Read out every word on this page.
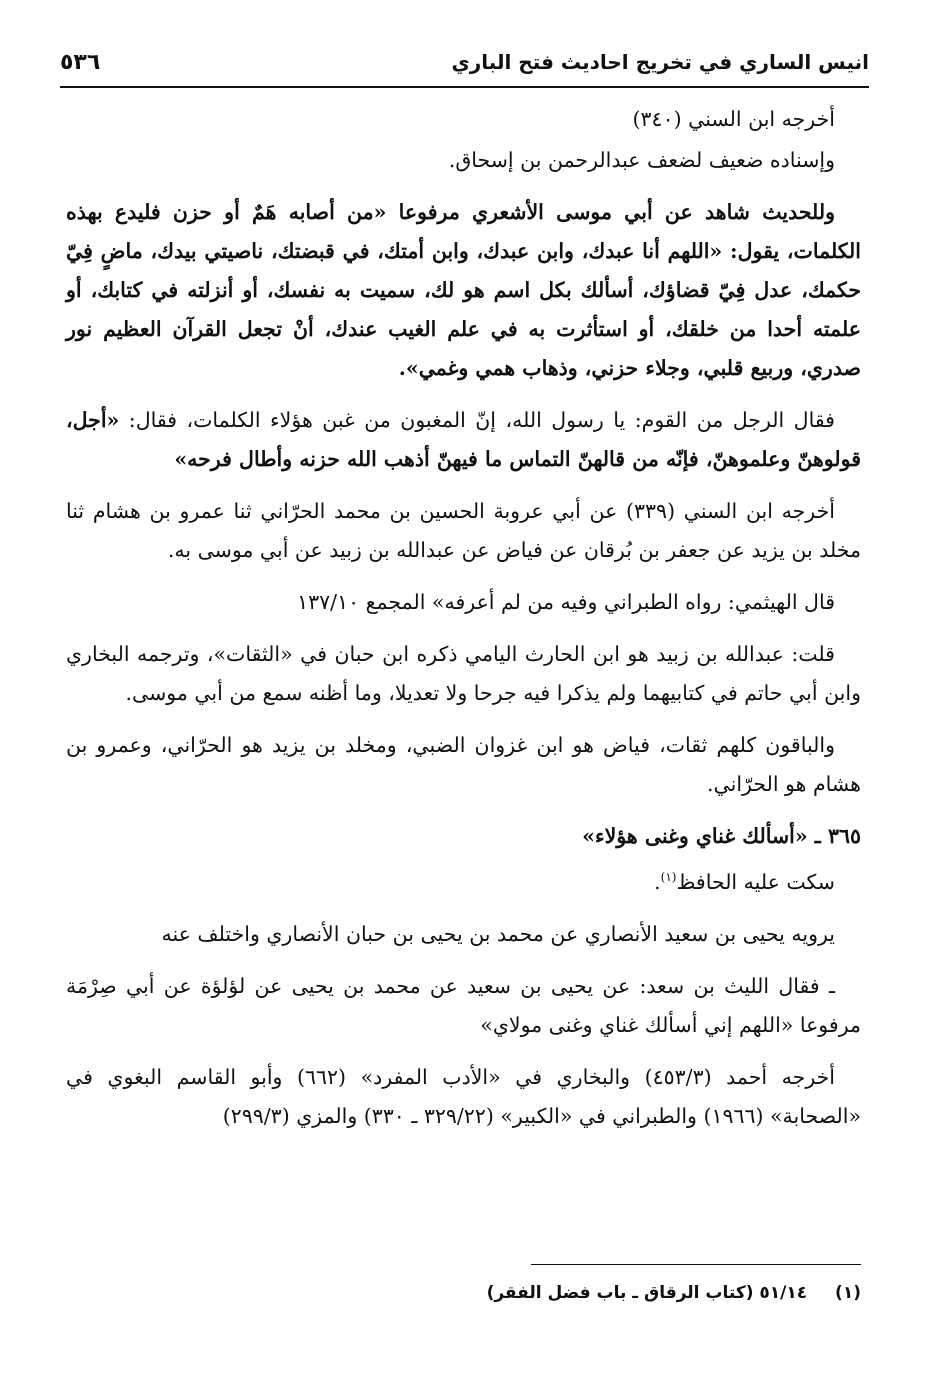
انيس الساري في تخريج احاديث فتح الباري
٥٣٦

أخرجه ابن السني (٣٤٠)

وإسناده ضعيف لضعف عبدالرحمن بن إسحاق.

وللحديث شاهد عن أبي موسى الأشعري مرفوعا «من أصابه هَمٌ أو حزن فليدع بهذه الكلمات، يقول: «اللهم أنا عبدك، وابن عبدك، وابن أمتك، في قبضتك، ناصيتي بيدك، ماضٍ فِيّ حكمك، عدل فِيّ قضاؤك، أسألك بكل اسم هو لك، سميت به نفسك، أو أنزلته في كتابك، أو علمته أحدا من خلقك، أو استأثرت به في علم الغيب عندك، أنْ تجعل القرآن العظيم نور صدري، وربيع قلبي، وجلاء حزني، وذهاب همي وغمي».

فقال الرجل من القوم: يا رسول الله، إنّ المغبون من غبن هؤلاء الكلمات، فقال: «أجل، قولوهنّ وعلموهنّ، فإنّه من قالهنّ التماس ما فيهنّ أذهب الله حزنه وأطال فرحه»

أخرجه ابن السني (٣٣٩) عن أبي عروبة الحسين بن محمد الحرّاني ثنا عمرو بن هشام ثنا مخلد بن يزيد عن جعفر بن بُرقان عن فياض عن عبدالله بن زبيد عن أبي موسى به.

قال الهيثمي: رواه الطبراني وفيه من لم أعرفه» المجمع ١٣٧/١٠

قلت: عبدالله بن زبيد هو ابن الحارث اليامي ذكره ابن حبان في «الثقات»، وترجمه البخاري وابن أبي حاتم في كتابيهما ولم يذكرا فيه جرحا ولا تعديلا، وما أظنه سمع من أبي موسى.

والباقون كلهم ثقات، فياض هو ابن غزوان الضبي، ومخلد بن يزيد هو الحرّاني، وعمرو بن هشام هو الحرّاني.

٣٦٥ ـ «أسألك غناي وغنى هؤلاء»

سكت عليه الحافظ$^{(١)}$.

يرويه يحيى بن سعيد الأنصاري عن محمد بن يحيى بن حبان الأنصاري واختلف عنه

ـ فقال الليث بن سعد: عن يحيى بن سعيد عن محمد بن يحيى عن لؤلؤة عن أبي صِرْمَة مرفوعا «اللهم إني أسألك غناي وغنى مولاي»

أخرجه أحمد (٤٥٣/٣) والبخاري في «الأدب المفرد» (٦٦٢) وأبو القاسم البغوي في «الصحابة» (١٩٦٦) والطبراني في «الكبير» (٣٢٩/٢٢ ـ ٣٣٠) والمزي (٢٩٩/٣)

(١) ٥١/١٤ (كتاب الرقاق ـ باب فضل الفقر)
